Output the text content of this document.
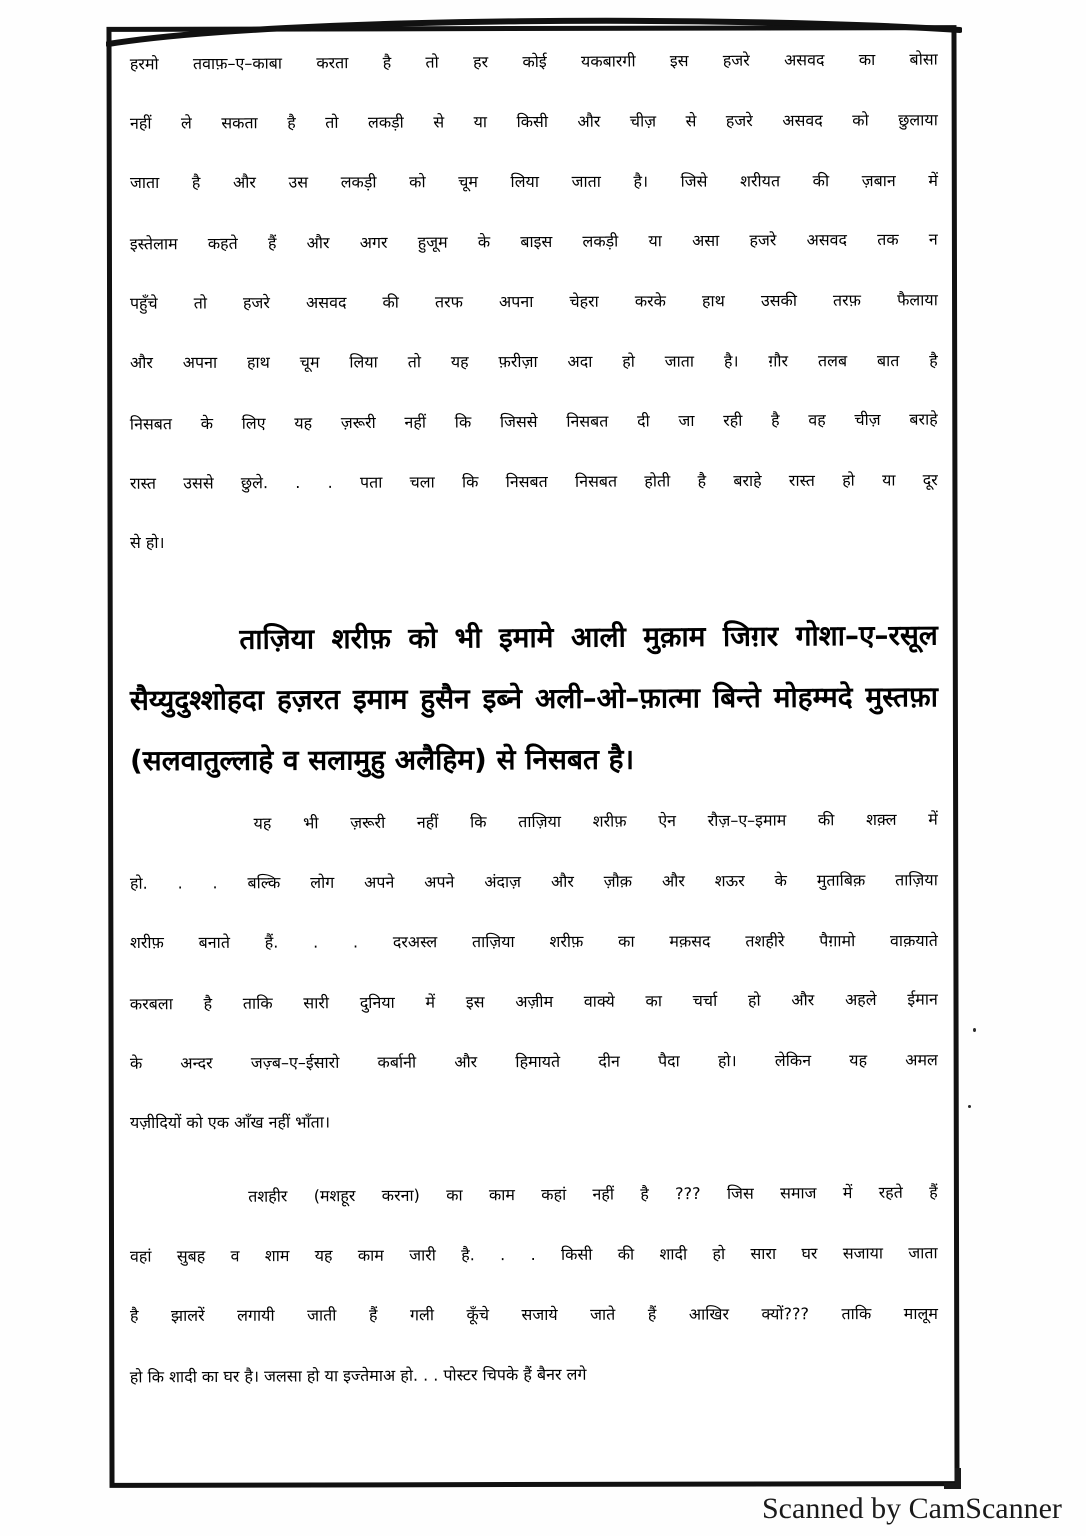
हरमो तवाफ़–ए–काबा करता है तो हर कोई यकबारगी इस हजरे असवद का बोसा
नहीं ले सकता है तो लकड़ी से या किसी और चीज़ से हजरे असवद को छुलाया
जाता है और उस लकड़ी को चूम लिया जाता है। जिसे शरीयत की ज़बान में
इस्तेलाम कहते हैं और अगर हुजूम के बाइस लकड़ी या असा हजरे असवद तक न
पहुँचे तो हजरे असवद की तरफ अपना चेहरा करके हाथ उसकी तरफ़ फैलाया
और अपना हाथ चूम लिया तो यह फ़रीज़ा अदा हो जाता है। ग़ौर तलब बात है
निसबत के लिए यह ज़रूरी नहीं कि जिससे निसबत दी जा रही है वह चीज़ बराहे
रास्त उससे छुले. . . पता चला कि निसबत निसबत होती है बराहे रास्त हो या दूर
से हो।
ताज़िया शरीफ़ को भी इमामे आली मुक़ाम जिग़र गोशा–ए–रसूल
सैय्युदुश्शोहदा हज़रत इमाम हुसैन इब्ने अली–ओ–फ़ात्मा बिन्ते मोहम्मदे मुस्तफ़ा
(सलवातुल्लाहे व सलामुहु अलैहिम) से निसबत है।
यह भी ज़रूरी नहीं कि ताज़िया शरीफ़ ऐन रौज़–ए–इमाम की शक़्ल में
हो. . . बल्कि लोग अपने अपने अंदाज़ और ज़ौक़ और शऊर के मुताबिक़ ताज़िया
शरीफ़ बनाते हैं. . . दरअस्ल ताज़िया शरीफ़ का मक़सद तशहीरे पैग़ामो वाक़याते
करबला है ताकि सारी दुनिया में इस अज़ीम वाक्ये का चर्चा हो और अहले ईमान
के अन्दर जज़्ब–ए–ईसारो कर्बानी और हिमायते दीन पैदा हो। लेकिन यह अमल
यज़ीदियों को एक आँख नहीं भाँता।
तशहीर (मशहूर करना) का काम कहां नहीं है ??? जिस समाज में रहते हैं
वहां सुबह व शाम यह काम जारी है. . . किसी की शादी हो सारा घर सजाया जाता
है झालरें लगायी जाती हैं गली कूँचे सजाये जाते हैं आखिर क्यों??? ताकि मालूम
हो कि शादी का घर है। जलसा हो या इज्तेमाअ हो. . . पोस्टर चिपके हैं बैनर लगे
Scanned by CamScanner
